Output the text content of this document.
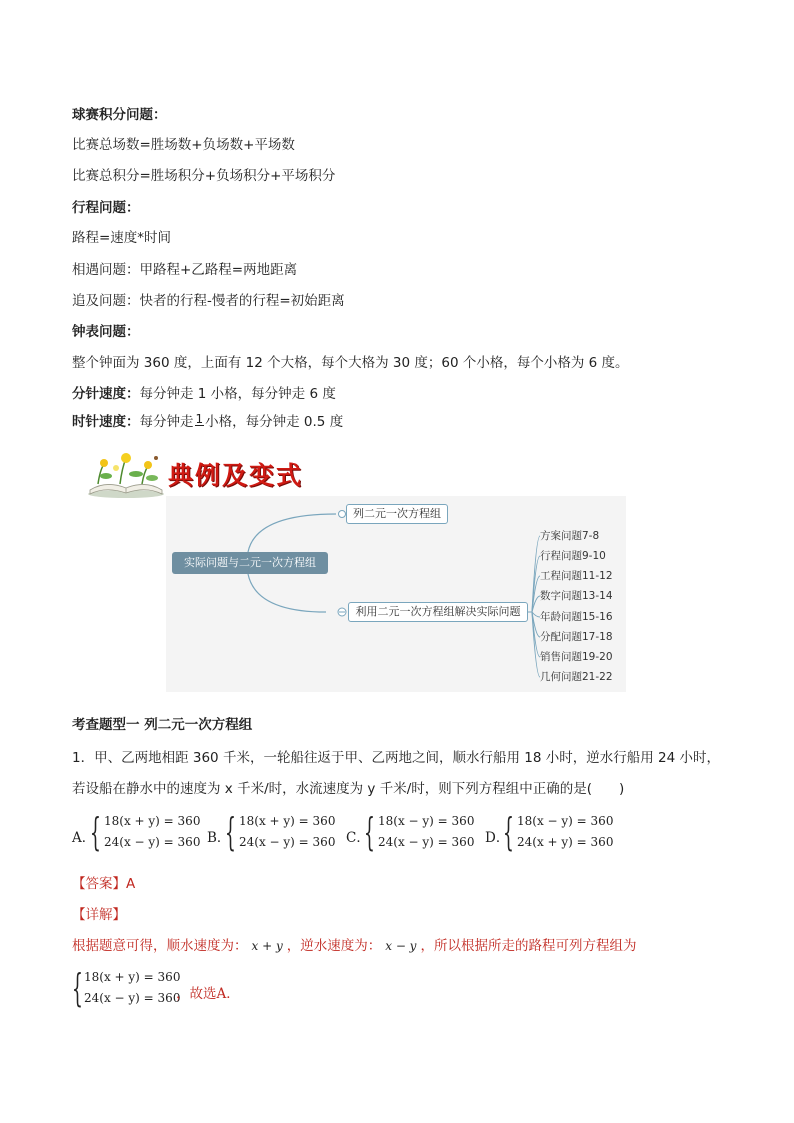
球赛积分问题：
比赛总场数=胜场数+负场数+平场数
比赛总积分=胜场积分+负场积分+平场积分
行程问题：
路程=速度*时间
相遇问题：甲路程+乙路程=两地距离
追及问题：快者的行程-慢者的行程=初始距离
钟表问题：
整个钟面为 360 度，上面有 12 个大格，每个大格为 30 度；60 个小格，每个小格为 6 度。
分针速度：每分钟走 1 小格，每分钟走 6 度
时针速度：每分钟走 1 小格，每分钟走 0.5 度
典例及变式
实际问题与二元一次方程组
列二元一次方程组
利用二元一次方程组解决实际问题
方案问题7-8
行程问题9-10
工程问题11-12
数字问题13-14
年龄问题15-16
分配问题17-18
销售问题19-20
几何问题21-22
考查题型一 列二元一次方程组
1．甲、乙两地相距 360 千米，一轮船往返于甲、乙两地之间，顺水行船用 18 小时，逆水行船用 24 小时，
若设船在静水中的速度为 x 千米/时，水流速度为 y 千米/时，则下列方程组中正确的是(　　)
A．
{ 18(x + y) = 360
24(x − y) = 360 B．
{ 18(x + y) = 360
24(x − y) = 360 C．
{ 18(x − y) = 360
24(x − y) = 360 D．
{ 18(x − y) = 360
24(x + y) = 360
【答案】A
【详解】
根据题意可得，顺水速度为： x + y ，逆水速度为： x − y ，所以根据所走的路程可列方程组为
{ 18(x + y) = 360
24(x − y) = 360
，故选A．
